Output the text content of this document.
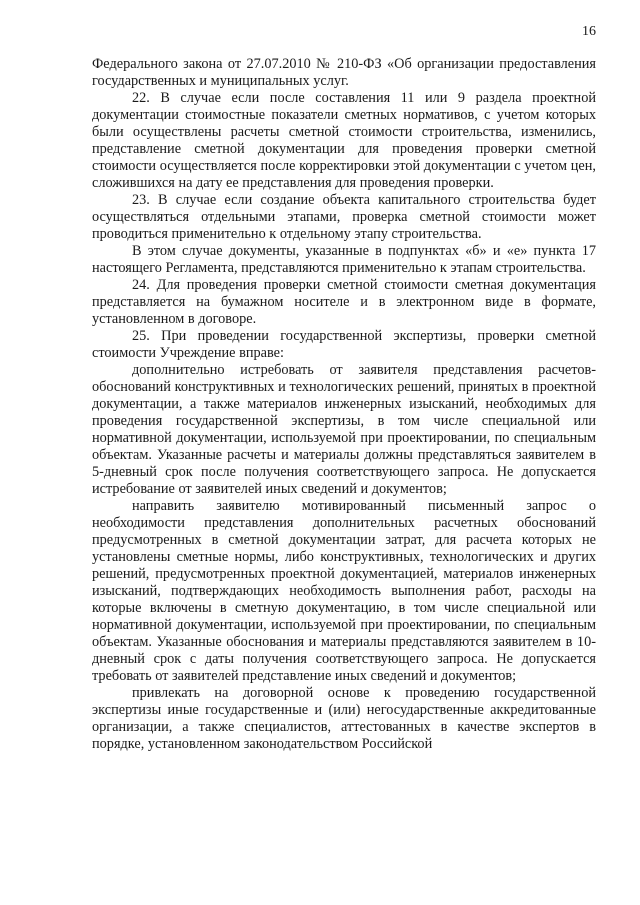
16

Федерального закона от 27.07.2010 № 210-ФЗ «Об организации предоставления государственных и муниципальных услуг.

22. В случае если после составления 11 или 9 раздела проектной документации стоимостные показатели сметных нормативов, с учетом которых были осуществлены расчеты сметной стоимости строительства, изменились, представление сметной документации для проведения проверки сметной стоимости осуществляется после корректировки этой документации с учетом цен, сложившихся на дату ее представления для проведения проверки.

23. В случае если создание объекта капитального строительства будет осуществляться отдельными этапами, проверка сметной стоимости может проводиться применительно к отдельному этапу строительства.

В этом случае документы, указанные в подпунктах «б» и «е» пункта 17 настоящего Регламента, представляются применительно к этапам строительства.

24. Для проведения проверки сметной стоимости сметная документация представляется на бумажном носителе и в электронном виде в формате, установленном в договоре.

25. При проведении государственной экспертизы, проверки сметной стоимости Учреждение вправе:

дополнительно истребовать от заявителя представления расчетов-обоснований конструктивных и технологических решений, принятых в проектной документации, а также материалов инженерных изысканий, необходимых для проведения государственной экспертизы, в том числе специальной или нормативной документации, используемой при проектировании, по специальным объектам. Указанные расчеты и материалы должны представляться заявителем в 5-дневный срок после получения соответствующего запроса. Не допускается истребование от заявителей иных сведений и документов;

направить заявителю мотивированный письменный запрос о необходимости представления дополнительных расчетных обоснований предусмотренных в сметной документации затрат, для расчета которых не установлены сметные нормы, либо конструктивных, технологических и других решений, предусмотренных проектной документацией, материалов инженерных изысканий, подтверждающих необходимость выполнения работ, расходы на которые включены в сметную документацию, в том числе специальной или нормативной документации, используемой при проектировании, по специальным объектам. Указанные обоснования и материалы представляются заявителем в 10-дневный срок с даты получения соответствующего запроса. Не допускается требовать от заявителей представление иных сведений и документов;

привлекать на договорной основе к проведению государственной экспертизы иные государственные и (или) негосударственные аккредитованные организации, а также специалистов, аттестованных в качестве экспертов в порядке, установленном законодательством Российской
